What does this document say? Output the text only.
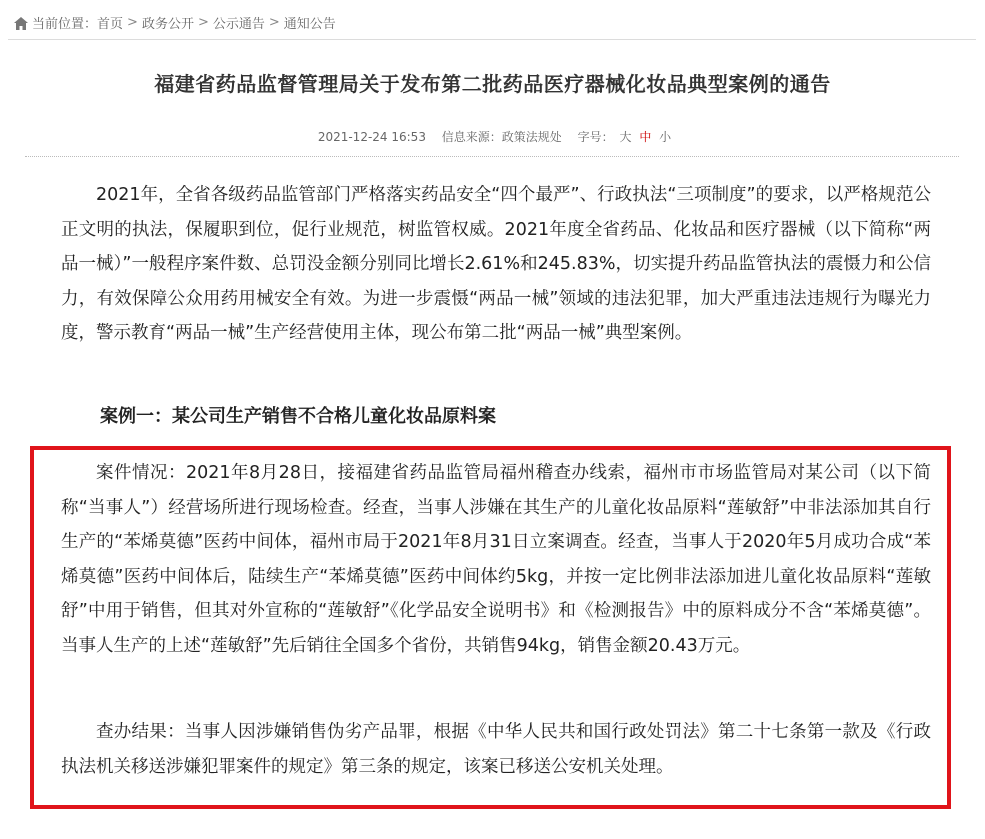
当前位置： 首页 > 政务公开 > 公示通告 > 通知公告
福建省药品监督管理局关于发布第二批药品医疗器械化妆品典型案例的通告
2021-12-24 16:53 信息来源：政策法规处 字号： 大 中 小

2021年，全省各级药品监管部门严格落实药品安全“四个最严”、行政执法“三项制度”的要求，以严格规范公正文明的执法，保履职到位，促行业规范，树监管权威。2021年度全省药品、化妆品和医疗器械（以下简称“两品一械）”一般程序案件数、总罚没金额分别同比增长2.61%和245.83%，切实提升药品监管执法的震慑力和公信力，有效保障公众用药用械安全有效。为进一步震慑“两品一械”领域的违法犯罪，加大严重违法违规行为曝光力度，警示教育“两品一械”生产经营使用主体，现公布第二批“两品一械”典型案例。

案例一：某公司生产销售不合格儿童化妆品原料案

案件情况：2021年8月28日，接福建省药品监管局福州稽查办线索，福州市市场监管局对某公司（以下简称“当事人”）经营场所进行现场检查。经查，当事人涉嫌在其生产的儿童化妆品原料“莲敏舒”中非法添加其自行生产的“苯烯莫德”医药中间体，福州市局于2021年8月31日立案调查。经查，当事人于2020年5月成功合成“苯烯莫德”医药中间体后，陆续生产“苯烯莫德”医药中间体约5kg，并按一定比例非法添加进儿童化妆品原料“莲敏舒”中用于销售，但其对外宣称的“莲敏舒”《化学品安全说明书》和《检测报告》中的原料成分不含“苯烯莫德”。当事人生产的上述“莲敏舒”先后销往全国多个省份，共销售94kg，销售金额20.43万元。

查办结果：当事人因涉嫌销售伪劣产品罪，根据《中华人民共和国行政处罚法》第二十七条第一款及《行政执法机关移送涉嫌犯罪案件的规定》第三条的规定，该案已移送公安机关处理。
